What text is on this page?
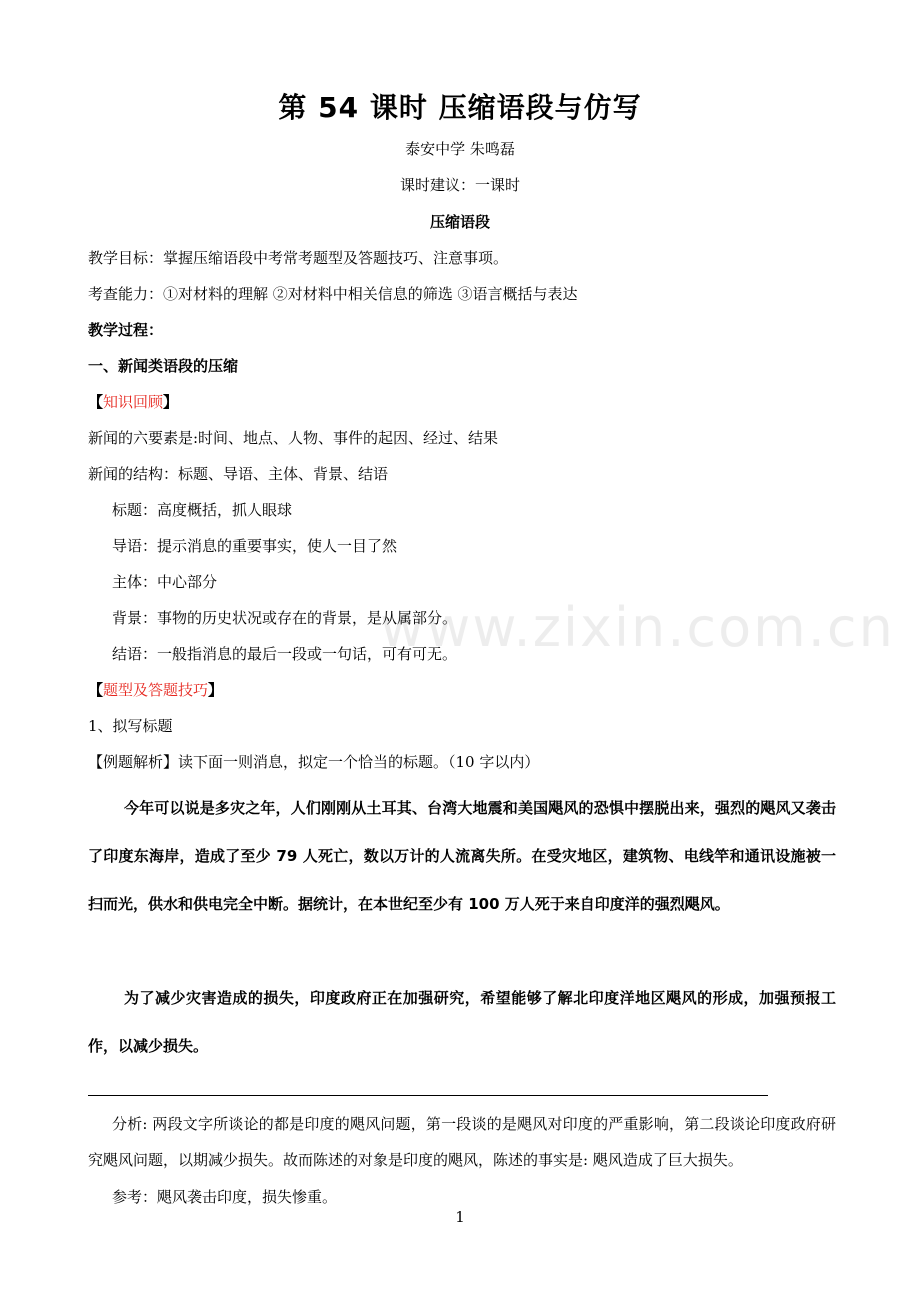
www.zixin.com.cn
第 54 课时 压缩语段与仿写
泰安中学 朱鸣磊
课时建议：一课时
压缩语段
教学目标：掌握压缩语段中考常考题型及答题技巧、注意事项。
考查能力：①对材料的理解 ②对材料中相关信息的筛选 ③语言概括与表达
教学过程：
一、新闻类语段的压缩
【知识回顾】
新闻的六要素是:时间、地点、人物、事件的起因、经过、结果
新闻的结构：标题、导语、主体、背景、结语
标题：高度概括，抓人眼球
导语：提示消息的重要事实，使人一目了然
主体：中心部分
背景：事物的历史状况或存在的背景，是从属部分。
结语：一般指消息的最后一段或一句话，可有可无。
【题型及答题技巧】
1、拟写标题
【例题解析】读下面一则消息，拟定一个恰当的标题。（10 字以内）

今年可以说是多灾之年，人们刚刚从土耳其、台湾大地震和美国飓风的恐惧中摆脱出来，强烈的飓风又袭击了印度东海岸，造成了至少 79 人死亡，数以万计的人流离失所。在受灾地区，建筑物、电线竿和通讯设施被一扫而光，供水和供电完全中断。据统计，在本世纪至少有 100 万人死于来自印度洋的强烈飓风。

为了减少灾害造成的损失，印度政府正在加强研究，希望能够了解北印度洋地区飓风的形成，加强预报工作，以减少损失。

分析: 两段文字所谈论的都是印度的飓风问题，第一段谈的是飓风对印度的严重影响，第二段谈论印度政府研究飓风问题，以期减少损失。故而陈述的对象是印度的飓风，陈述的事实是: 飓风造成了巨大损失。

参考：飓风袭击印度，损失惨重。
1
